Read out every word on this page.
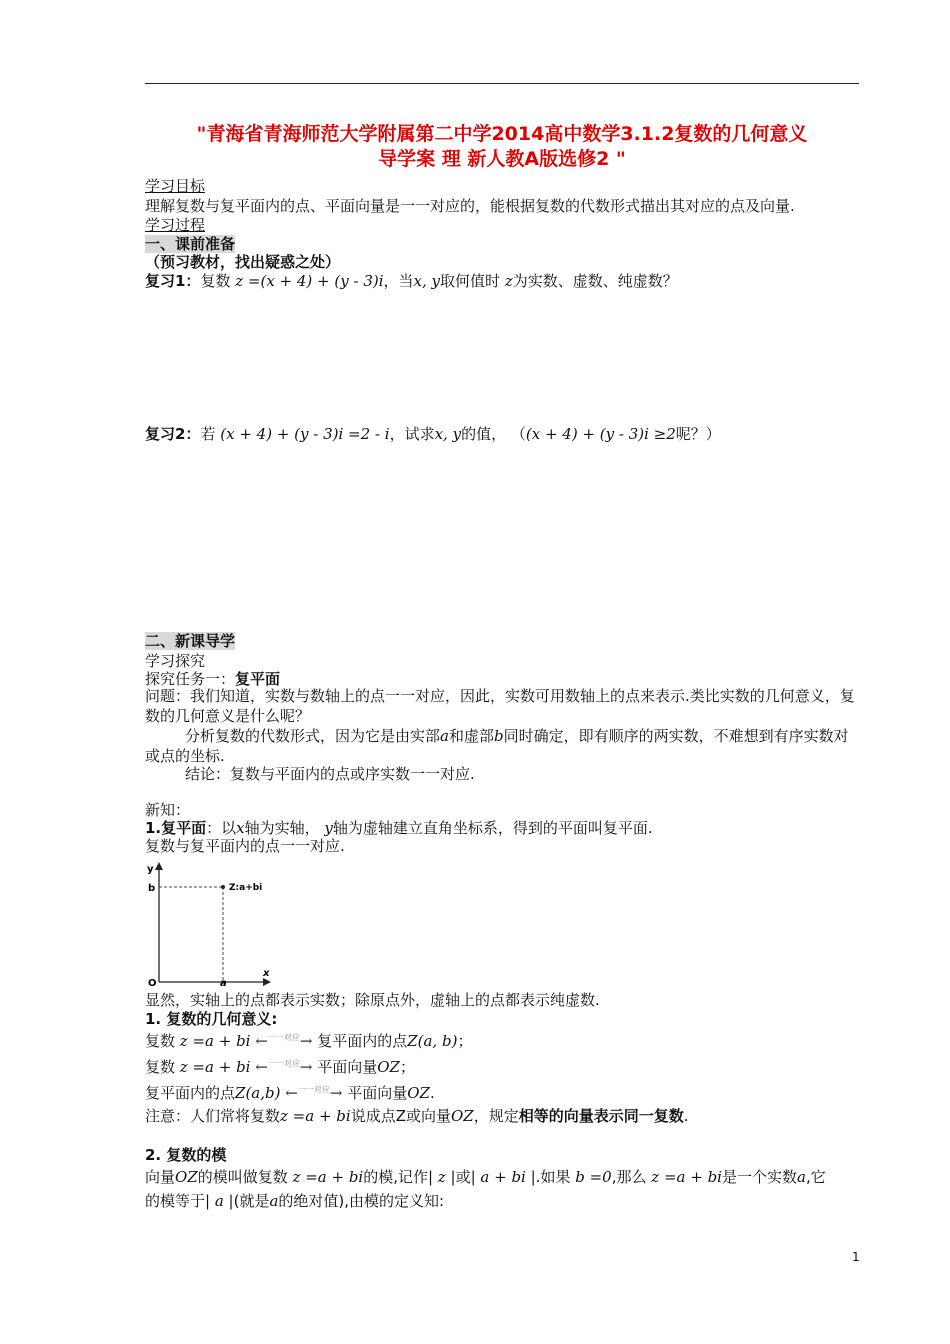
"青海省青海师范大学附属第二中学2014高中数学3.1.2复数的几何意义
导学案 理 新人教A版选修2 "
学习目标
理解复数与复平面内的点、平面向量是一一对应的，能根据复数的代数形式描出其对应的点及向量.
学习过程
一、课前准备
（预习教材，找出疑惑之处）
复习1：复数 z =(x + 4) + (y - 3)i，当x, y取何值时 z为实数、虚数、纯虚数？
复习2：若 (x + 4) + (y - 3)i =2 - i，试求x, y的值， （(x + 4) + (y - 3)i ≥2呢？）
二、新课导学
学习探究
探究任务一：复平面
问题：我们知道，实数与数轴上的点一一对应，因此，实数可用数轴上的点来表示.类比实数的几何意义，复数的几何意义是什么呢？
分析复数的代数形式，因为它是由实部a和虚部b同时确定，即有顺序的两实数，不难想到有序实数对或点的坐标.
结论：复数与平面内的点或序实数一一对应.
新知：
1.复平面：以x轴为实轴， y轴为虚轴建立直角坐标系，得到的平面叫复平面.
复数与复平面内的点一一对应.
y
b	Z:a+bi
O	a
x
显然，实轴上的点都表示实数；除原点外，虚轴上的点都表示纯虚数.
1. 复数的几何意义:
复数 z =a + bi ←$^{一一对应}$→ 复平面内的点Z(a, b)；
复数 z =a + bi ←$^{一一对应}$→ 平面向量OZ；
复平面内的点Z(a,b) ←$^{一一对应}$→ 平面向量OZ.
注意：人们常将复数z =a + bi说成点Z或向量OZ，规定相等的向量表示同一复数.
2. 复数的模
向量OZ的模叫做复数 z =a + bi的模,记作| z |或| a + bi |.如果 b =0,那么 z =a + bi是一个实数a,它
的模等于| a |(就是a的绝对值),由模的定义知:
1
